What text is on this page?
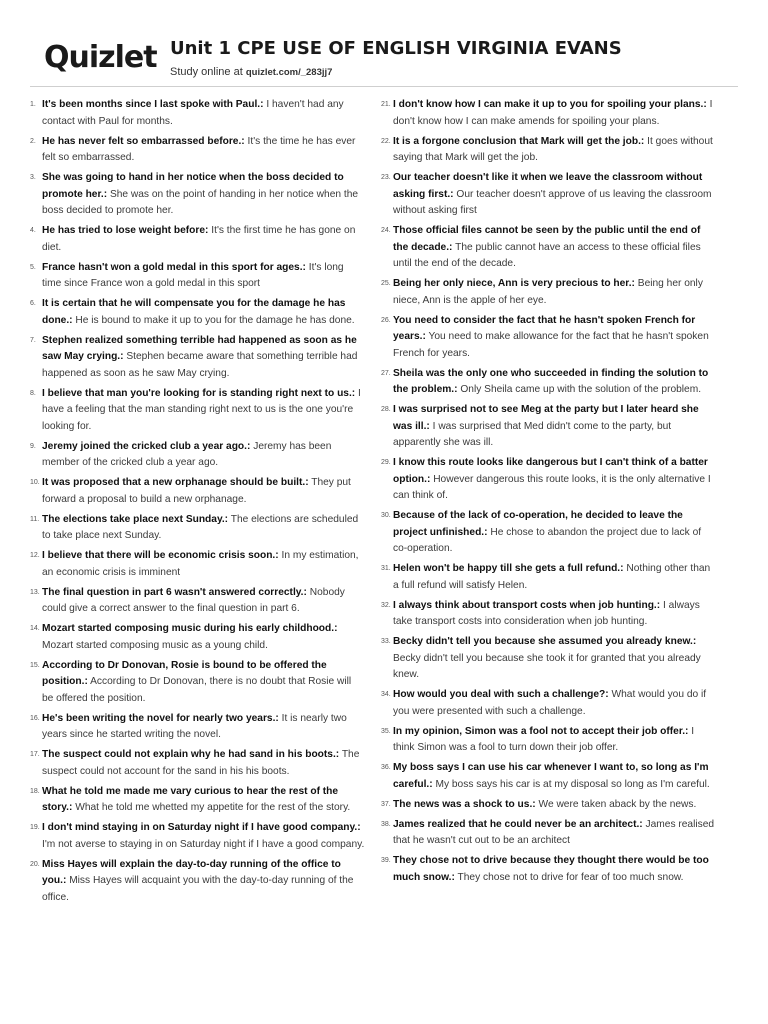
Quizlet Unit 1 CPE USE OF ENGLISH VIRGINIA EVANS
Study online at quizlet.com/_283jj7
1. It's been months since I last spoke with Paul.: I haven't had any contact with Paul for months.
2. He has never felt so embarrassed before.: It's the time he has ever felt so embarrassed.
3. She was going to hand in her notice when the boss decided to promote her.: She was on the point of handing in her notice when the boss decided to promote her.
4. He has tried to lose weight before: It's the first time he has gone on diet.
5. France hasn't won a gold medal in this sport for ages.: It's long time since France won a gold medal in this sport
6. It is certain that he will compensate you for the damage he has done.: He is bound to make it up to you for the damage he has done.
7. Stephen realized something terrible had happened as soon as he saw May crying.: Stephen became aware that something terrible had happened as soon as he saw May crying.
8. I believe that man you're looking for is standing right next to us.: I have a feeling that the man standing right next to us is the one you're looking for.
9. Jeremy joined the cricked club a year ago.: Jeremy has been member of the cricked club a year ago.
10. It was proposed that a new orphanage should be built.: They put forward a proposal to build a new orphanage.
11. The elections take place next Sunday.: The elections are scheduled to take place next Sunday.
12. I believe that there will be economic crisis soon.: In my estimation, an economic crisis is imminent
13. The final question in part 6 wasn't answered correctly.: Nobody could give a correct answer to the final question in part 6.
14. Mozart started composing music during his early childhood.: Mozart started composing music as a young child.
15. According to Dr Donovan, Rosie is bound to be offered the position.: According to Dr Donovan, there is no doubt that Rosie will be offered the position.
16. He's been writing the novel for nearly two years.: It is nearly two years since he started writing the novel.
17. The suspect could not explain why he had sand in his boots.: The suspect could not account for the sand in his his boots.
18. What he told me made me vary curious to hear the rest of the story.: What he told me whetted my appetite for the rest of the story.
19. I don't mind staying in on Saturday night if I have good company.: I'm not averse to staying in on Saturday night if I have a good company.
20. Miss Hayes will explain the day-to-day running of the office to you.: Miss Hayes will acquaint you with the day-to-day running of the office.
21. I don't know how I can make it up to you for spoiling your plans.: I don't know how I can make amends for spoiling your plans.
22. It is a forgone conclusion that Mark will get the job.: It goes without saying that Mark will get the job.
23. Our teacher doesn't like it when we leave the classroom without asking first.: Our teacher doesn't approve of us leaving the classroom without asking first
24. Those official files cannot be seen by the public until the end of the decade.: The public cannot have an access to these official files until the end of the decade.
25. Being her only niece, Ann is very precious to her.: Being her only niece, Ann is the apple of her eye.
26. You need to consider the fact that he hasn't spoken French for years.: You need to make allowance for the fact that he hasn't spoken French for years.
27. Sheila was the only one who succeeded in finding the solution to the problem.: Only Sheila came up with the solution of the problem.
28. I was surprised not to see Meg at the party but I later heard she was ill.: I was surprised that Med didn't come to the party, but apparently she was ill.
29. I know this route looks like dangerous but I can't think of a batter option.: However dangerous this route looks, it is the only alternative I can think of.
30. Because of the lack of co-operation, he decided to leave the project unfinished.: He chose to abandon the project due to lack of co-operation.
31. Helen won't be happy till she gets a full refund.: Nothing other than a full refund will satisfy Helen.
32. I always think about transport costs when job hunting.: I always take transport costs into consideration when job hunting.
33. Becky didn't tell you because she assumed you already knew.: Becky didn't tell you because she took it for granted that you already knew.
34. How would you deal with such a challenge?: What would you do if you were presented with such a challenge.
35. In my opinion, Simon was a fool not to accept their job offer.: I think Simon was a fool to turn down their job offer.
36. My boss says I can use his car whenever I want to, so long as I'm careful.: My boss says his car is at my disposal so long as I'm careful.
37. The news was a shock to us.: We were taken aback by the news.
38. James realized that he could never be an architect.: James realised that he wasn't cut out to be an architect
39. They chose not to drive because they thought there would be too much snow.: They chose not to drive for fear of too much snow.
